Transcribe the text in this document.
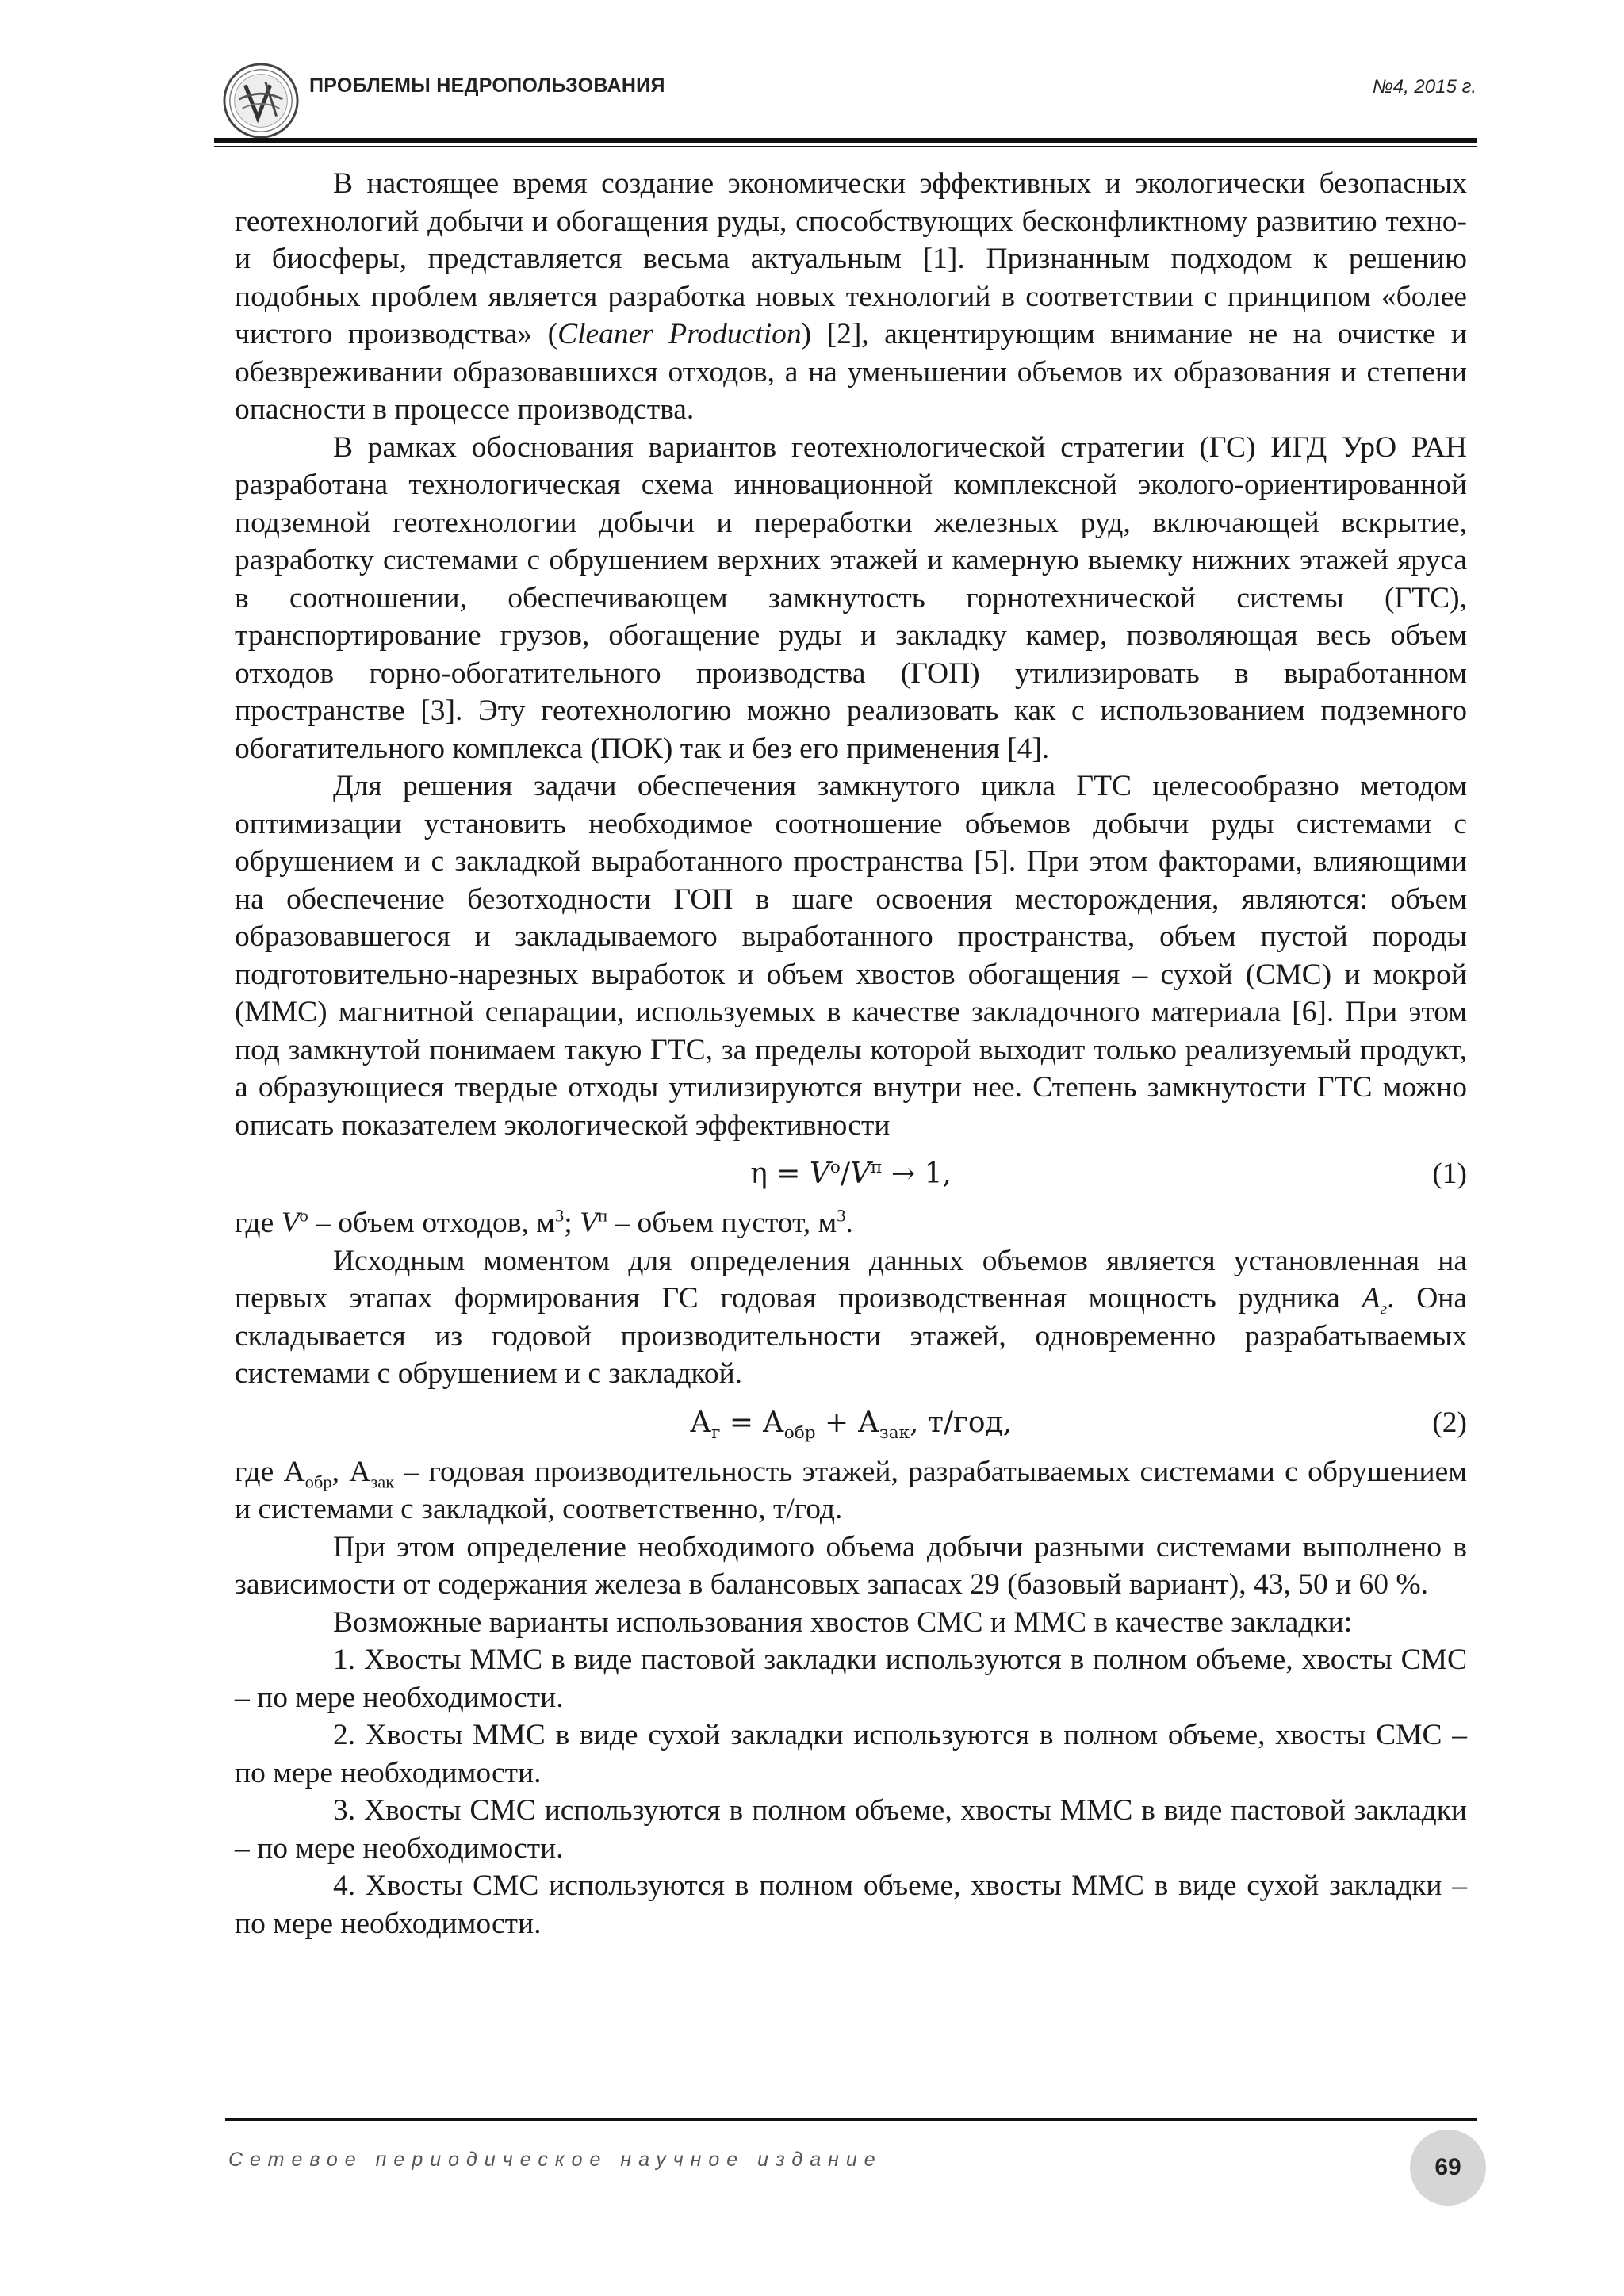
ПРОБЛЕМЫ НЕДРОПОЛЬЗОВАНИЯ	№4, 2015 г.

В настоящее время создание экономически эффективных и экологически безопасных геотехнологий добычи и обогащения руды, способствующих бесконфликтному развитию техно- и биосферы, представляется весьма актуальным [1]. Признанным подходом к решению подобных проблем является разработка новых технологий в соответствии с принципом «более чистого производства» (Cleaner Production) [2], акцентирующим внимание не на очистке и обезвреживании образовавшихся отходов, а на уменьшении объемов их образования и степени опасности в процессе производства.

В рамках обоснования вариантов геотехнологической стратегии (ГС) ИГД УрО РАН разработана технологическая схема инновационной комплексной эколого-ориентированной подземной геотехнологии добычи и переработки железных руд, включающей вскрытие, разработку системами с обрушением верхних этажей и камерную выемку нижних этажей яруса в соотношении, обеспечивающем замкнутость горнотехнической системы (ГТС), транспортирование грузов, обогащение руды и закладку камер, позволяющая весь объем отходов горно-обогатительного производства (ГОП) утилизировать в выработанном пространстве [3]. Эту геотехнологию можно реализовать как с использованием подземного обогатительного комплекса (ПОК) так и без его применения [4].

Для решения задачи обеспечения замкнутого цикла ГТС целесообразно методом оптимизации установить необходимое соотношение объемов добычи руды системами с обрушением и с закладкой выработанного пространства [5]. При этом факторами, влияющими на обеспечение безотходности ГОП в шаге освоения месторождения, являются: объем образовавшегося и закладываемого выработанного пространства, объем пустой породы подготовительно-нарезных выработок и объем хвостов обогащения – сухой (СМС) и мокрой (ММС) магнитной сепарации, используемых в качестве закладочного материала [6]. При этом под замкнутой понимаем такую ГТС, за пределы которой выходит только реализуемый продукт, а образующиеся твердые отходы утилизируются внутри нее. Степень замкнутости ГТС можно описать показателем экологической эффективности

$\eta = V^о/V^п \to 1$,	(1)

где $V^о$ – объем отходов, $м^3$; $V^п$ – объем пустот, $м^3$.

Исходным моментом для определения данных объемов является установленная на первых этапах формирования ГС годовая производственная мощность рудника $А_г$. Она складывается из годовой производительности этажей, одновременно разрабатываемых системами с обрушением и с закладкой.

$А_г = А_{обр} + А_{зак}$, т/год,	(2)

где $А_{обр}$, $А_{зак}$ – годовая производительность этажей, разрабатываемых системами с обрушением и системами с закладкой, соответственно, т/год.

При этом определение необходимого объема добычи разными системами выполнено в зависимости от содержания железа в балансовых запасах 29 (базовый вариант), 43, 50 и 60 %.

Возможные варианты использования хвостов СМС и ММС в качестве закладки:

1. Хвосты ММС в виде пастовой закладки используются в полном объеме, хвосты СМС – по мере необходимости.

2. Хвосты ММС в виде сухой закладки используются в полном объеме, хвосты СМС – по мере необходимости.

3. Хвосты СМС используются в полном объеме, хвосты ММС в виде пастовой закладки – по мере необходимости.

4. Хвосты СМС используются в полном объеме, хвосты ММС в виде сухой закладки – по мере необходимости.

Сетевое периодическое научное издание	69
